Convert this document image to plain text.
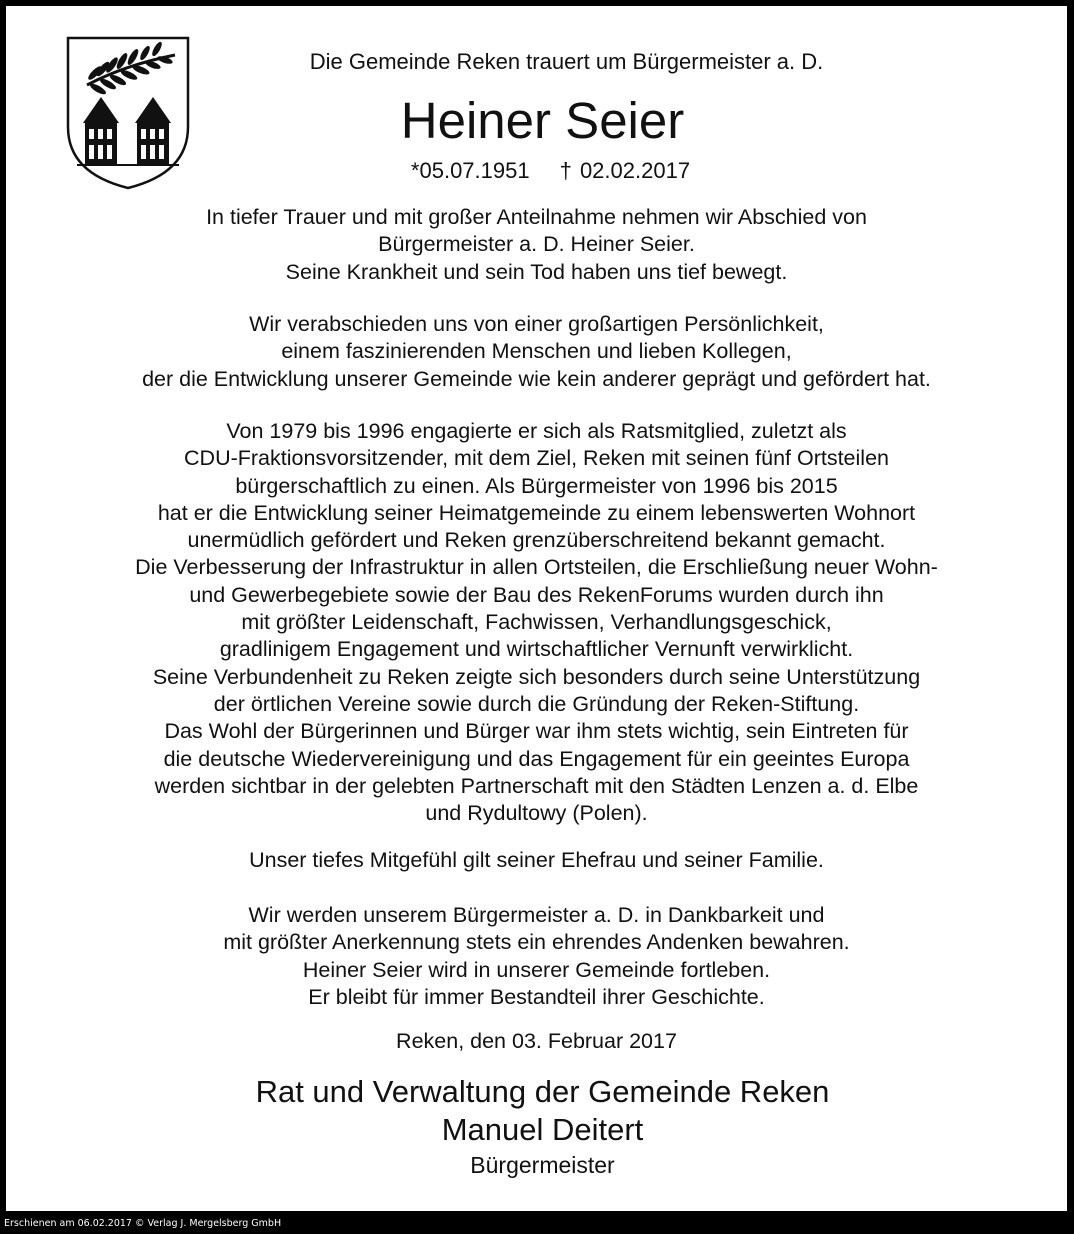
Die Gemeinde Reken trauert um Bürgermeister a. D.
Heiner Seier
*05.07.1951 † 02.02.2017
In tiefer Trauer und mit großer Anteilnahme nehmen wir Abschied von
Bürgermeister a. D. Heiner Seier.
Seine Krankheit und sein Tod haben uns tief bewegt.
Wir verabschieden uns von einer großartigen Persönlichkeit,
einem faszinierenden Menschen und lieben Kollegen,
der die Entwicklung unserer Gemeinde wie kein anderer geprägt und gefördert hat.
Von 1979 bis 1996 engagierte er sich als Ratsmitglied, zuletzt als
CDU-Fraktionsvorsitzender, mit dem Ziel, Reken mit seinen fünf Ortsteilen
bürgerschaftlich zu einen. Als Bürgermeister von 1996 bis 2015
hat er die Entwicklung seiner Heimatgemeinde zu einem lebenswerten Wohnort
unermüdlich gefördert und Reken grenzüberschreitend bekannt gemacht.
Die Verbesserung der Infrastruktur in allen Ortsteilen, die Erschließung neuer Wohn-
und Gewerbegebiete sowie der Bau des RekenForums wurden durch ihn
mit größter Leidenschaft, Fachwissen, Verhandlungsgeschick,
gradlinigem Engagement und wirtschaftlicher Vernunft verwirklicht.
Seine Verbundenheit zu Reken zeigte sich besonders durch seine Unterstützung
der örtlichen Vereine sowie durch die Gründung der Reken-Stiftung.
Das Wohl der Bürgerinnen und Bürger war ihm stets wichtig, sein Eintreten für
die deutsche Wiedervereinigung und das Engagement für ein geeintes Europa
werden sichtbar in der gelebten Partnerschaft mit den Städten Lenzen a. d. Elbe
und Rydultowy (Polen).
Unser tiefes Mitgefühl gilt seiner Ehefrau und seiner Familie.
Wir werden unserem Bürgermeister a. D. in Dankbarkeit und
mit größter Anerkennung stets ein ehrendes Andenken bewahren.
Heiner Seier wird in unserer Gemeinde fortleben.
Er bleibt für immer Bestandteil ihrer Geschichte.
Reken, den 03. Februar 2017
Rat und Verwaltung der Gemeinde Reken
Manuel Deitert
Bürgermeister
Erschienen am 06.02.2017 © Verlag J. Mergelsberg GmbH
